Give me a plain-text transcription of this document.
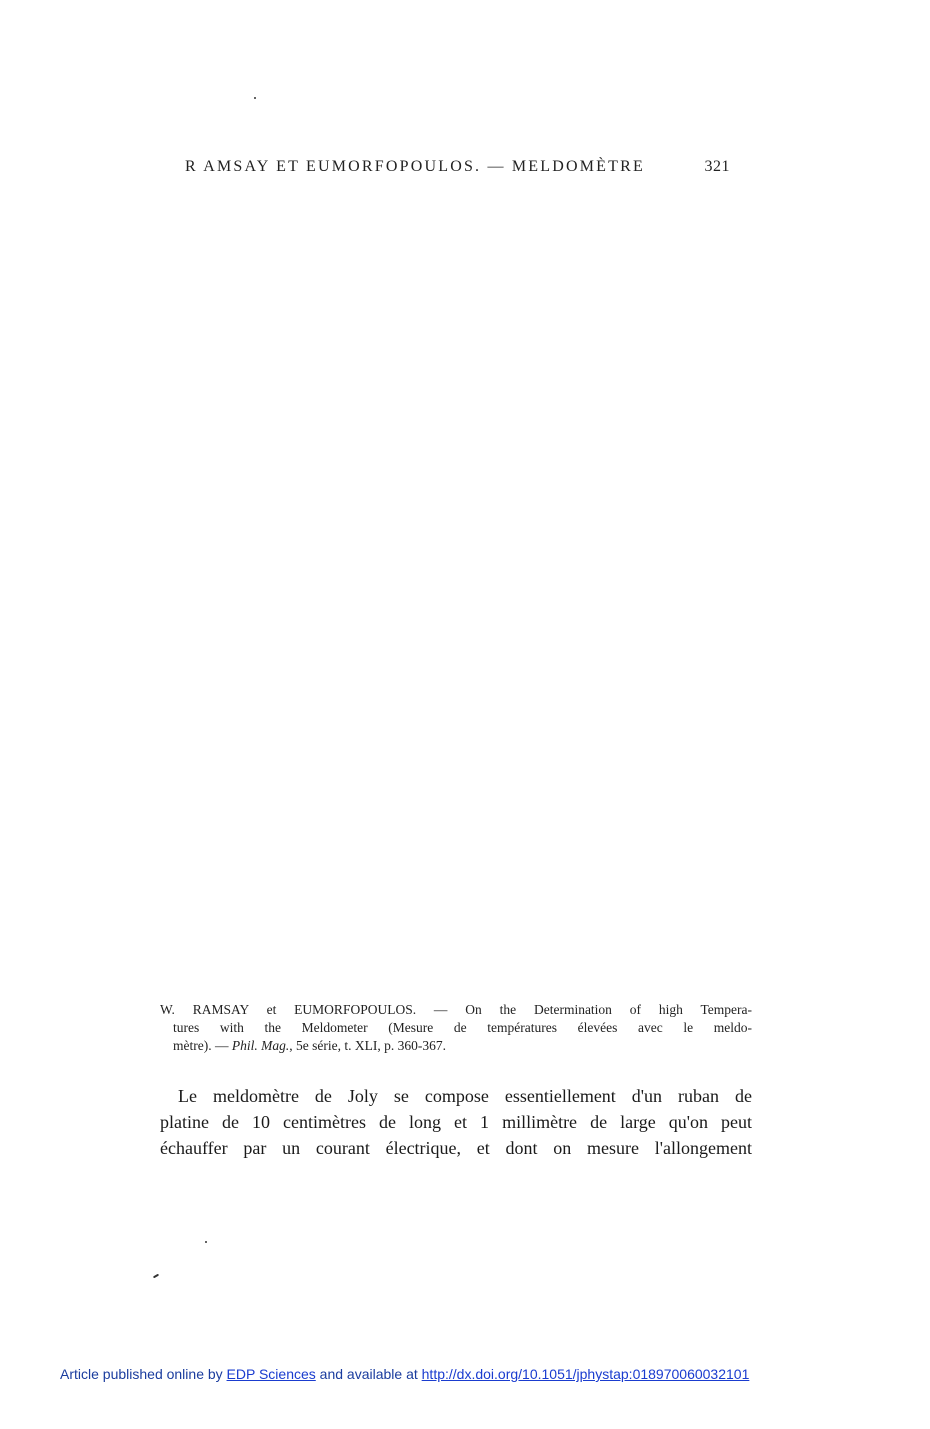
R AMSAY ET EUMORFOPOULOS. — MELDOMÈTRE	321
W. RAMSAY et EUMORFOPOULOS. — On the Determination of high Tempera-
tures with the Meldometer (Mesure de températures élevées avec le meldo-
mètre). — Phil. Mag., 5e série, t. XLI, p. 360-367.
Le meldomètre de Joly se compose essentiellement d'un ruban de
platine de 10 centimètres de long et 1 millimètre de large qu'on peut
échauffer par un courant électrique, et dont on mesure l'allongement
Article published online by EDP Sciences and available at http://dx.doi.org/10.1051/jphystap:018970060032101
